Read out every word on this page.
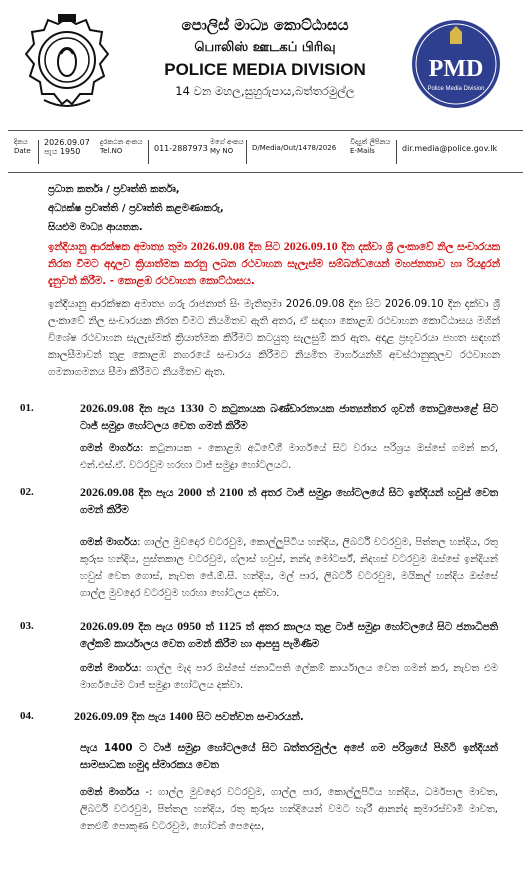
පොලිස් මාධ්‍ය කොට්ඨාසය
பொலிஸ் ஊடகப் பிரிவு
POLICE MEDIA DIVISION
14 වන මහල,සුහුරුපාය,බත්තරමුල්ල
PMD
Police Media Division
දිනය
Date
2026.09.07
පැය 1950
දුරකථන අංකය
Tel.NO	011-2887973
මගේ අංකය
My NO	D/Media/Out/1478/2026
විද්‍යුත් ලිපිනය
E-Mails	dir.media@police.gov.lk
ප්‍රධාන කර්තෘ / ප්‍රවෘත්ති කර්තෘ,
අධ්‍යක්ෂ ප්‍රවෘත්ති / ප්‍රවෘත්ති කළමණාකරු,
සියළුම මාධ්‍ය ආයතන.
ඉන්දියානු ආරක්ෂක අමාත්‍ය තුමා 2026.09.08 දින සිට 2026.09.10 දින දක්වා ශ්‍රී ලංකාවේ නිල සංචාරයක නිරත වීමට අදාලව ක්‍රියාත්මක කරනු ලබන රථවාහන සැලැස්ම සම්බන්ධයෙන් මහජනතාව හා රියදුරන් දැනුවත් කිරීම. - කොළඹ රථවාහන කොට්ඨාසය.
ඉන්දියානු ආරක්ෂක අමාත්‍ය ගරු රාජනාත් සිං මැතිතුමා 2026.09.08 දින සිට 2026.09.10 දින දක්වා ශ්‍රී ලංකාවේ නිල සංචාරයක නිරත වීමට නියමිතව ඇති අතර, ඒ සඳහා කොළඹ රථවාහන කොට්ඨාසය මගින් විශේෂ රථවාහන සැලැස්මක් ක්‍රියාත්මක කිරීමට කටයුතු සැලසුම් කර ඇත. අදාළ ප්‍රභූවරයා පහත සඳහන් කාලසීමාවන් තුළ කොළඹ නගරයේ සංචාරය කිරීමට නියමිත මාර්ගයන්හි අවස්ථානුකූලව රථවාහන ගමනාගමනය සීමා කිරීමට නියමිතව ඇත.
01.	2026.09.08 දින පැය 1330 ට කටුනායක බණ්ඩාරනායක ජාත්‍යන්තර ගුවන් තොටුපොළේ සිට ටාජ් සමුද්‍රා හෝටලය වෙත ගමන් කිරීම
ගමන් මාර්ගය: කටුනායක - කොළඹ අධිවේගී මාර්ගයේ සිට වරාය පරිශ්‍රය ඔස්සේ ගමන් කර, එන්.එස්.ඒ. වටරවුම හරහා ටාජ් සමුද්‍රා හෝටලයට.
02.	2026.09.08 දින පැය 2000 ත් 2100 ත් අතර ටාජ් සමුද්‍රා හෝටලයේ සිට ඉන්දියන් හවුස් වෙත ගමන් කිරීම
ගමන් මාර්ගය: ගාල්ල මුවදොර වටරවුම, කොල්ලුපිටිය හන්දිය, ලිබර්ටි වටරවුම, පිත්තල හන්දිය, රතු කුරුස හන්දිය, පුස්තකාල වටරවුම, ග්ලාස් හවුස්, නන්දා මෝටර්ස්, නිදහස් වටරවුම ඔස්සේ ඉන්දියන් හවුස් වෙත ගොස්, නැවත ජේ.ඕ.සී. හන්දිය, මල් පාර, ලිබර්ටි වටරවුම, මයිකල් හන්දිය ඔස්සේ ගාල්ල මුවදොර වටරවුම හරහා හෝටලය දක්වා.
03.	2026.09.09 දින පැය 0950 ත් 1125 ත් අතර කාලය තුළ ටාජ් සමුද්‍රා හෝටලයේ සිට ජනාධිපති ලේකම් කාර්යාලය වෙත ගමන් කිරීම හා ආපසු පැමිණීම
ගමන් මාර්ගය: ගාල්ල මැද පාර ඔස්සේ ජනාධිපති ලේකම් කාර්යාලය වෙත ගමන් කර, නැවත එම මාර්ගයේම ටාජ් සමුද්‍රා හෝටලය දක්වා.
04.	2026.09.09 දින පැය 1400 සිට පවත්වන සංචාරයන්.
පැය 1400 ට ටාජ් සමුද්‍රා හෝටලයේ සිට බත්තරමුල්ල අපේ ගම පරිශ්‍රයේ පිහිටි ඉන්දියන් සාමසාධක හමුදා ස්මාරකය වෙත
ගමන් මාර්ගය -: ගාල්ල මුවදොර වටරවුම, ගාල්ල පාර, කොල්ලුපිටිය හන්දිය, ධර්මපාල මාවත, ලිබර්ටි වටරවුම, පිත්තල හන්දිය, රතු කුරුස හන්දියෙන් වමට හැරී ආනන්ද කුමාරස්වාමි මාවත, නෙළුම් පොකුණ වටරවුම, හෝටන් පෙදෙස,
